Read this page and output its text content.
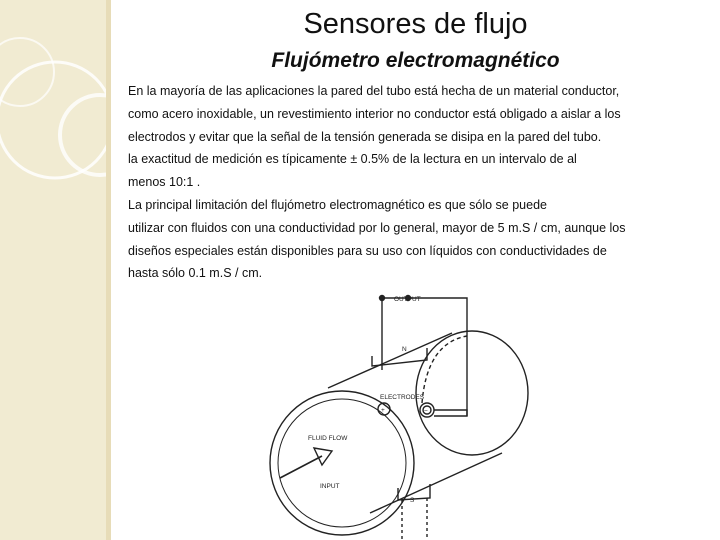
Sensores de flujo
Flujómetro electromagnético
En la mayoría de las aplicaciones la pared del tubo está hecha de un material conductor,
como acero inoxidable, un revestimiento interior no conductor está obligado a aislar a los
electrodos y evitar que la señal de la tensión generada se disipa en la pared del tubo.
la exactitud de medición es típicamente ± 0.5% de la lectura en un intervalo de al
menos 10:1 .
La principal limitación del flujómetro electromagnético es que sólo se puede
utilizar con fluidos con una conductividad por lo general, mayor de 5 m.S / cm, aunque los
diseños especiales están disponibles para su uso con líquidos con conductividades de
hasta sólo 0.1 m.S / cm.
OUTPUT
N
ELECTRODES
+	−
FLUID FLOW
INPUT
S
